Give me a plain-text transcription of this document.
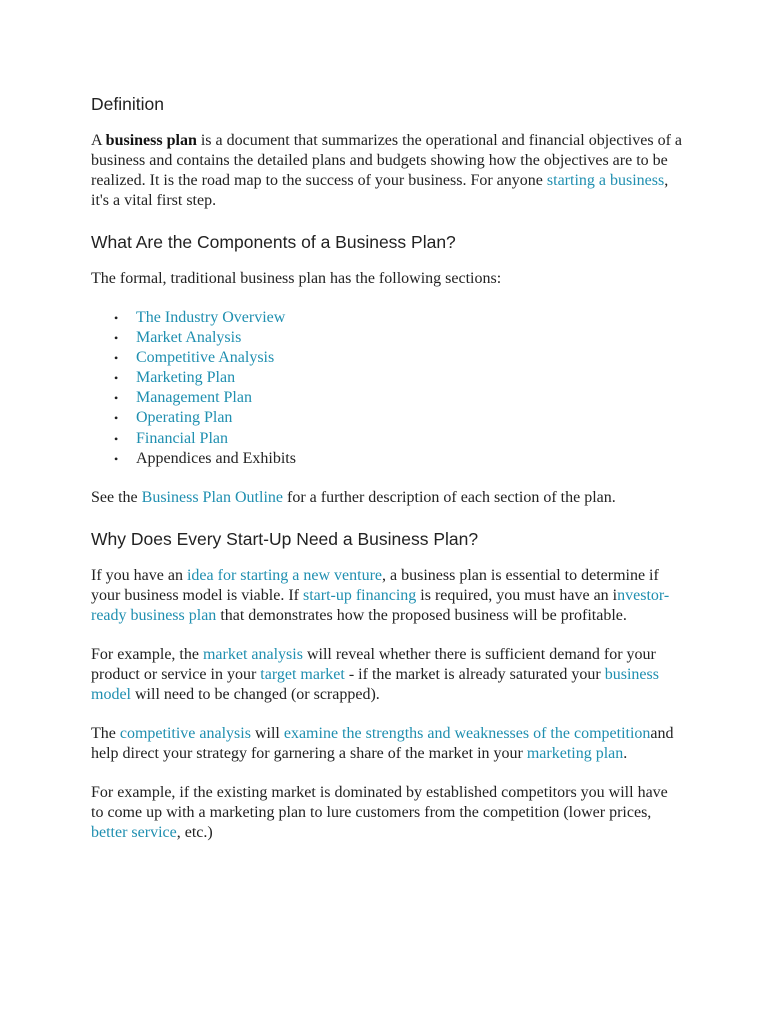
Definition

A business plan is a document that summarizes the operational and financial objectives of a business and contains the detailed plans and budgets showing how the objectives are to be realized. It is the road map to the success of your business. For anyone starting a business, it's a vital first step.

What Are the Components of a Business Plan?

The formal, traditional business plan has the following sections:

• The Industry Overview
• Market Analysis
• Competitive Analysis
• Marketing Plan
• Management Plan
• Operating Plan
• Financial Plan
• Appendices and Exhibits

See the Business Plan Outline for a further description of each section of the plan.

Why Does Every Start-Up Need a Business Plan?

If you have an idea for starting a new venture, a business plan is essential to determine if your business model is viable. If start-up financing is required, you must have an investor-ready business plan that demonstrates how the proposed business will be profitable.

For example, the market analysis will reveal whether there is sufficient demand for your product or service in your target market - if the market is already saturated your business model will need to be changed (or scrapped).

The competitive analysis will examine the strengths and weaknesses of the competitionand help direct your strategy for garnering a share of the market in your marketing plan.

For example, if the existing market is dominated by established competitors you will have to come up with a marketing plan to lure customers from the competition (lower prices, better service, etc.)
